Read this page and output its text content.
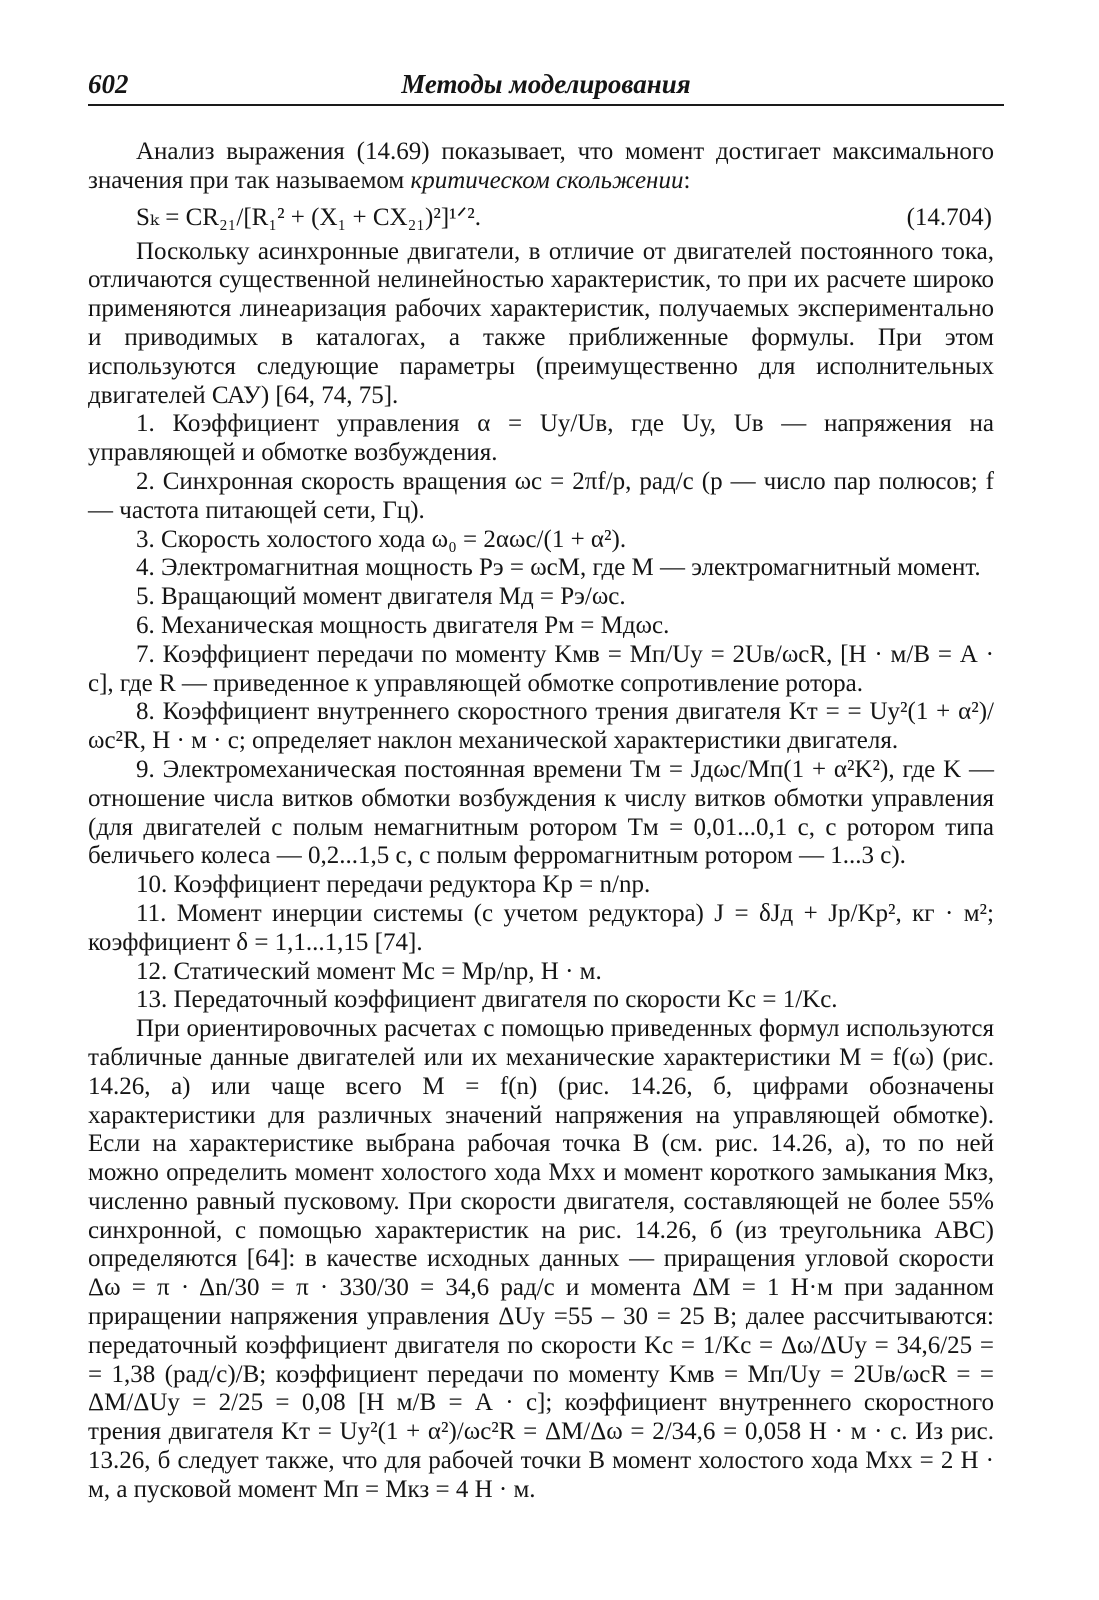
602	Методы моделирования

Анализ выражения (14.69) показывает, что момент достигает максимального значения при так называемом критическом скольжении:

Sₖ = CR₂₁/[R₁² + (X₁ + CX₂₁)²]¹ᐟ².	(14.704)

Поскольку асинхронные двигатели, в отличие от двигателей постоянного тока, отличаются существенной нелинейностью характеристик, то при их расчете широко применяются линеаризация рабочих характеристик, получаемых экспериментально и приводимых в каталогах, а также приближенные формулы. При этом используются следующие параметры (преимущественно для исполнительных двигателей САУ) [64, 74, 75].

1. Коэффициент управления α = Uу/Uв, где Uу, Uв — напряжения на управляющей и обмотке возбуждения.

2. Синхронная скорость вращения ωс = 2πf/p, рад/с (p — число пар полюсов; f — частота питающей сети, Гц).

3. Скорость холостого хода ω₀ = 2αωс/(1 + α²).

4. Электромагнитная мощность Pэ = ωсM, где M — электромагнитный момент.

5. Вращающий момент двигателя Mд = Pэ/ωс.

6. Механическая мощность двигателя Pм = Mдωс.

7. Коэффициент передачи по моменту Kмв = Mп/Uу = 2Uв/ωсR, [Н · м/В = А · с], где R — приведенное к управляющей обмотке сопротивление ротора.

8. Коэффициент внутреннего скоростного трения двигателя Kт = = Uу²(1 + α²)/ωс²R, Н · м · с; определяет наклон механической характеристики двигателя.

9. Электромеханическая постоянная времени Tм = Jдωс/Mп(1 + α²K²), где K — отношение числа витков обмотки возбуждения к числу витков обмотки управления (для двигателей с полым немагнитным ротором Tм = 0,01...0,1 с, с ротором типа беличьего колеса — 0,2...1,5 с, с полым ферромагнитным ротором — 1...3 с).

10. Коэффициент передачи редуктора Kр = n/nр.

11. Момент инерции системы (с учетом редуктора) J = δJд + Jр/Kр², кг · м²; коэффициент δ = 1,1...1,15 [74].

12. Статический момент Mс = Mр/nр, Н · м.

13. Передаточный коэффициент двигателя по скорости Kс = 1/Kс.

При ориентировочных расчетах с помощью приведенных формул используются табличные данные двигателей или их механические характеристики M = f(ω) (рис. 14.26, а) или чаще всего M = f(n) (рис. 14.26, б, цифрами обозначены характеристики для различных значений напряжения на управляющей обмотке). Если на характеристике выбрана рабочая точка B (см. рис. 14.26, а), то по ней можно определить момент холостого хода Mхх и момент короткого замыкания Mкз, численно равный пусковому. При скорости двигателя, составляющей не более 55% синхронной, с помощью характеристик на рис. 14.26, б (из треугольника ABC) определяются [64]: в качестве исходных данных — приращения угловой скорости Δω = π · Δn/30 = π · 330/30 = 34,6 рад/с и момента ΔM = 1 Н·м при заданном приращении напряжения управления ΔUу =55 – 30 = 25 В; далее рассчитываются: передаточный коэффициент двигателя по скорости Kс = 1/Kс = Δω/ΔUу = 34,6/25 = = 1,38 (рад/с)/В; коэффициент передачи по моменту Kмв = Mп/Uу = 2Uв/ωсR = = ΔM/ΔUу = 2/25 = 0,08 [Н м/В = А · с]; коэффициент внутреннего скоростного трения двигателя Kт = Uу²(1 + α²)/ωс²R = ΔM/Δω = 2/34,6 = 0,058 Н · м · с. Из рис. 13.26, б следует также, что для рабочей точки B момент холостого хода Mхх = 2 Н · м, а пусковой момент Mп = Mкз = 4 Н · м.
